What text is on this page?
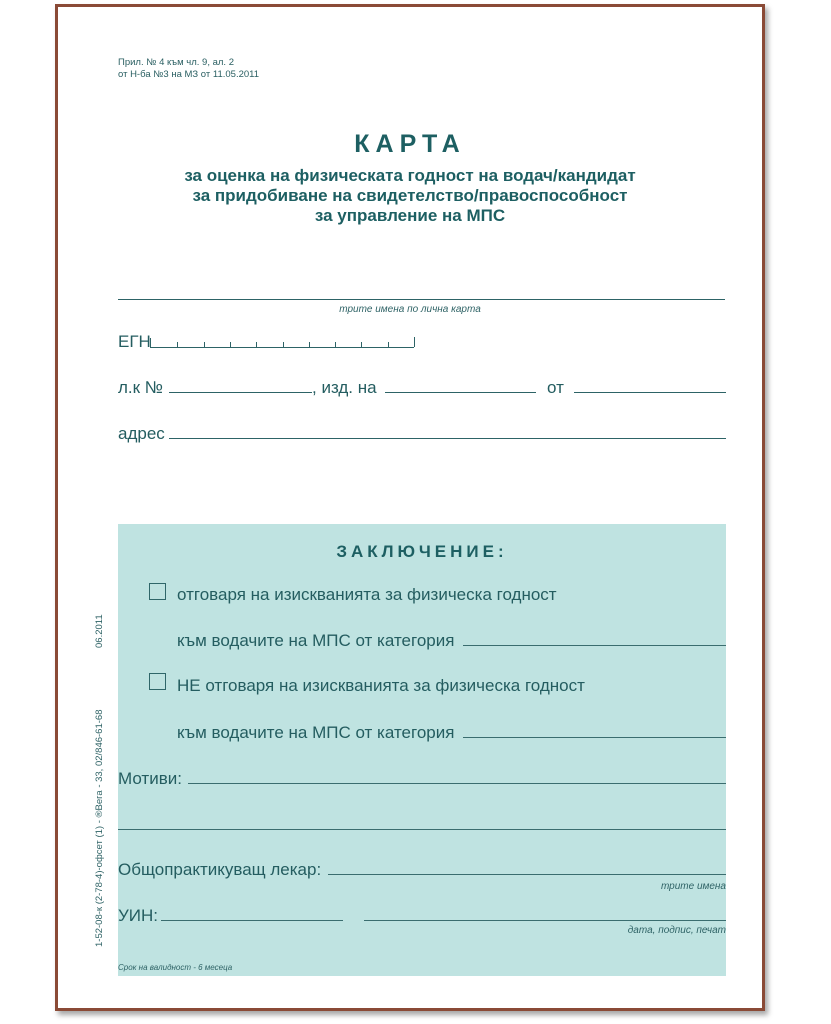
Прил. № 4 към чл. 9, ал. 2
от Н-ба №3 на МЗ от 11.05.2011
КАРТА
за оценка на физическата годност на водач/кандидат
за придобиване на свидетелство/правоспособност
за управление на МПС
трите имена по лична карта
ЕГН
л.к №	, изд. на	от
адрес
ЗАКЛЮЧЕНИЕ:
отговаря на изискванията за физическа годност
към водачите на МПС от категория
НЕ отговаря на изискванията за физическа годност
към водачите на МПС от категория
Мотиви:
Общопрактикуващ лекар:
трите имена
УИН:
дата, подпис, печат
06.2011
1-52-08-к (2-78-4)-офсет (1) - ®Вега - 33, 02/846-61-68
Срок на валидност - 6 месеца
